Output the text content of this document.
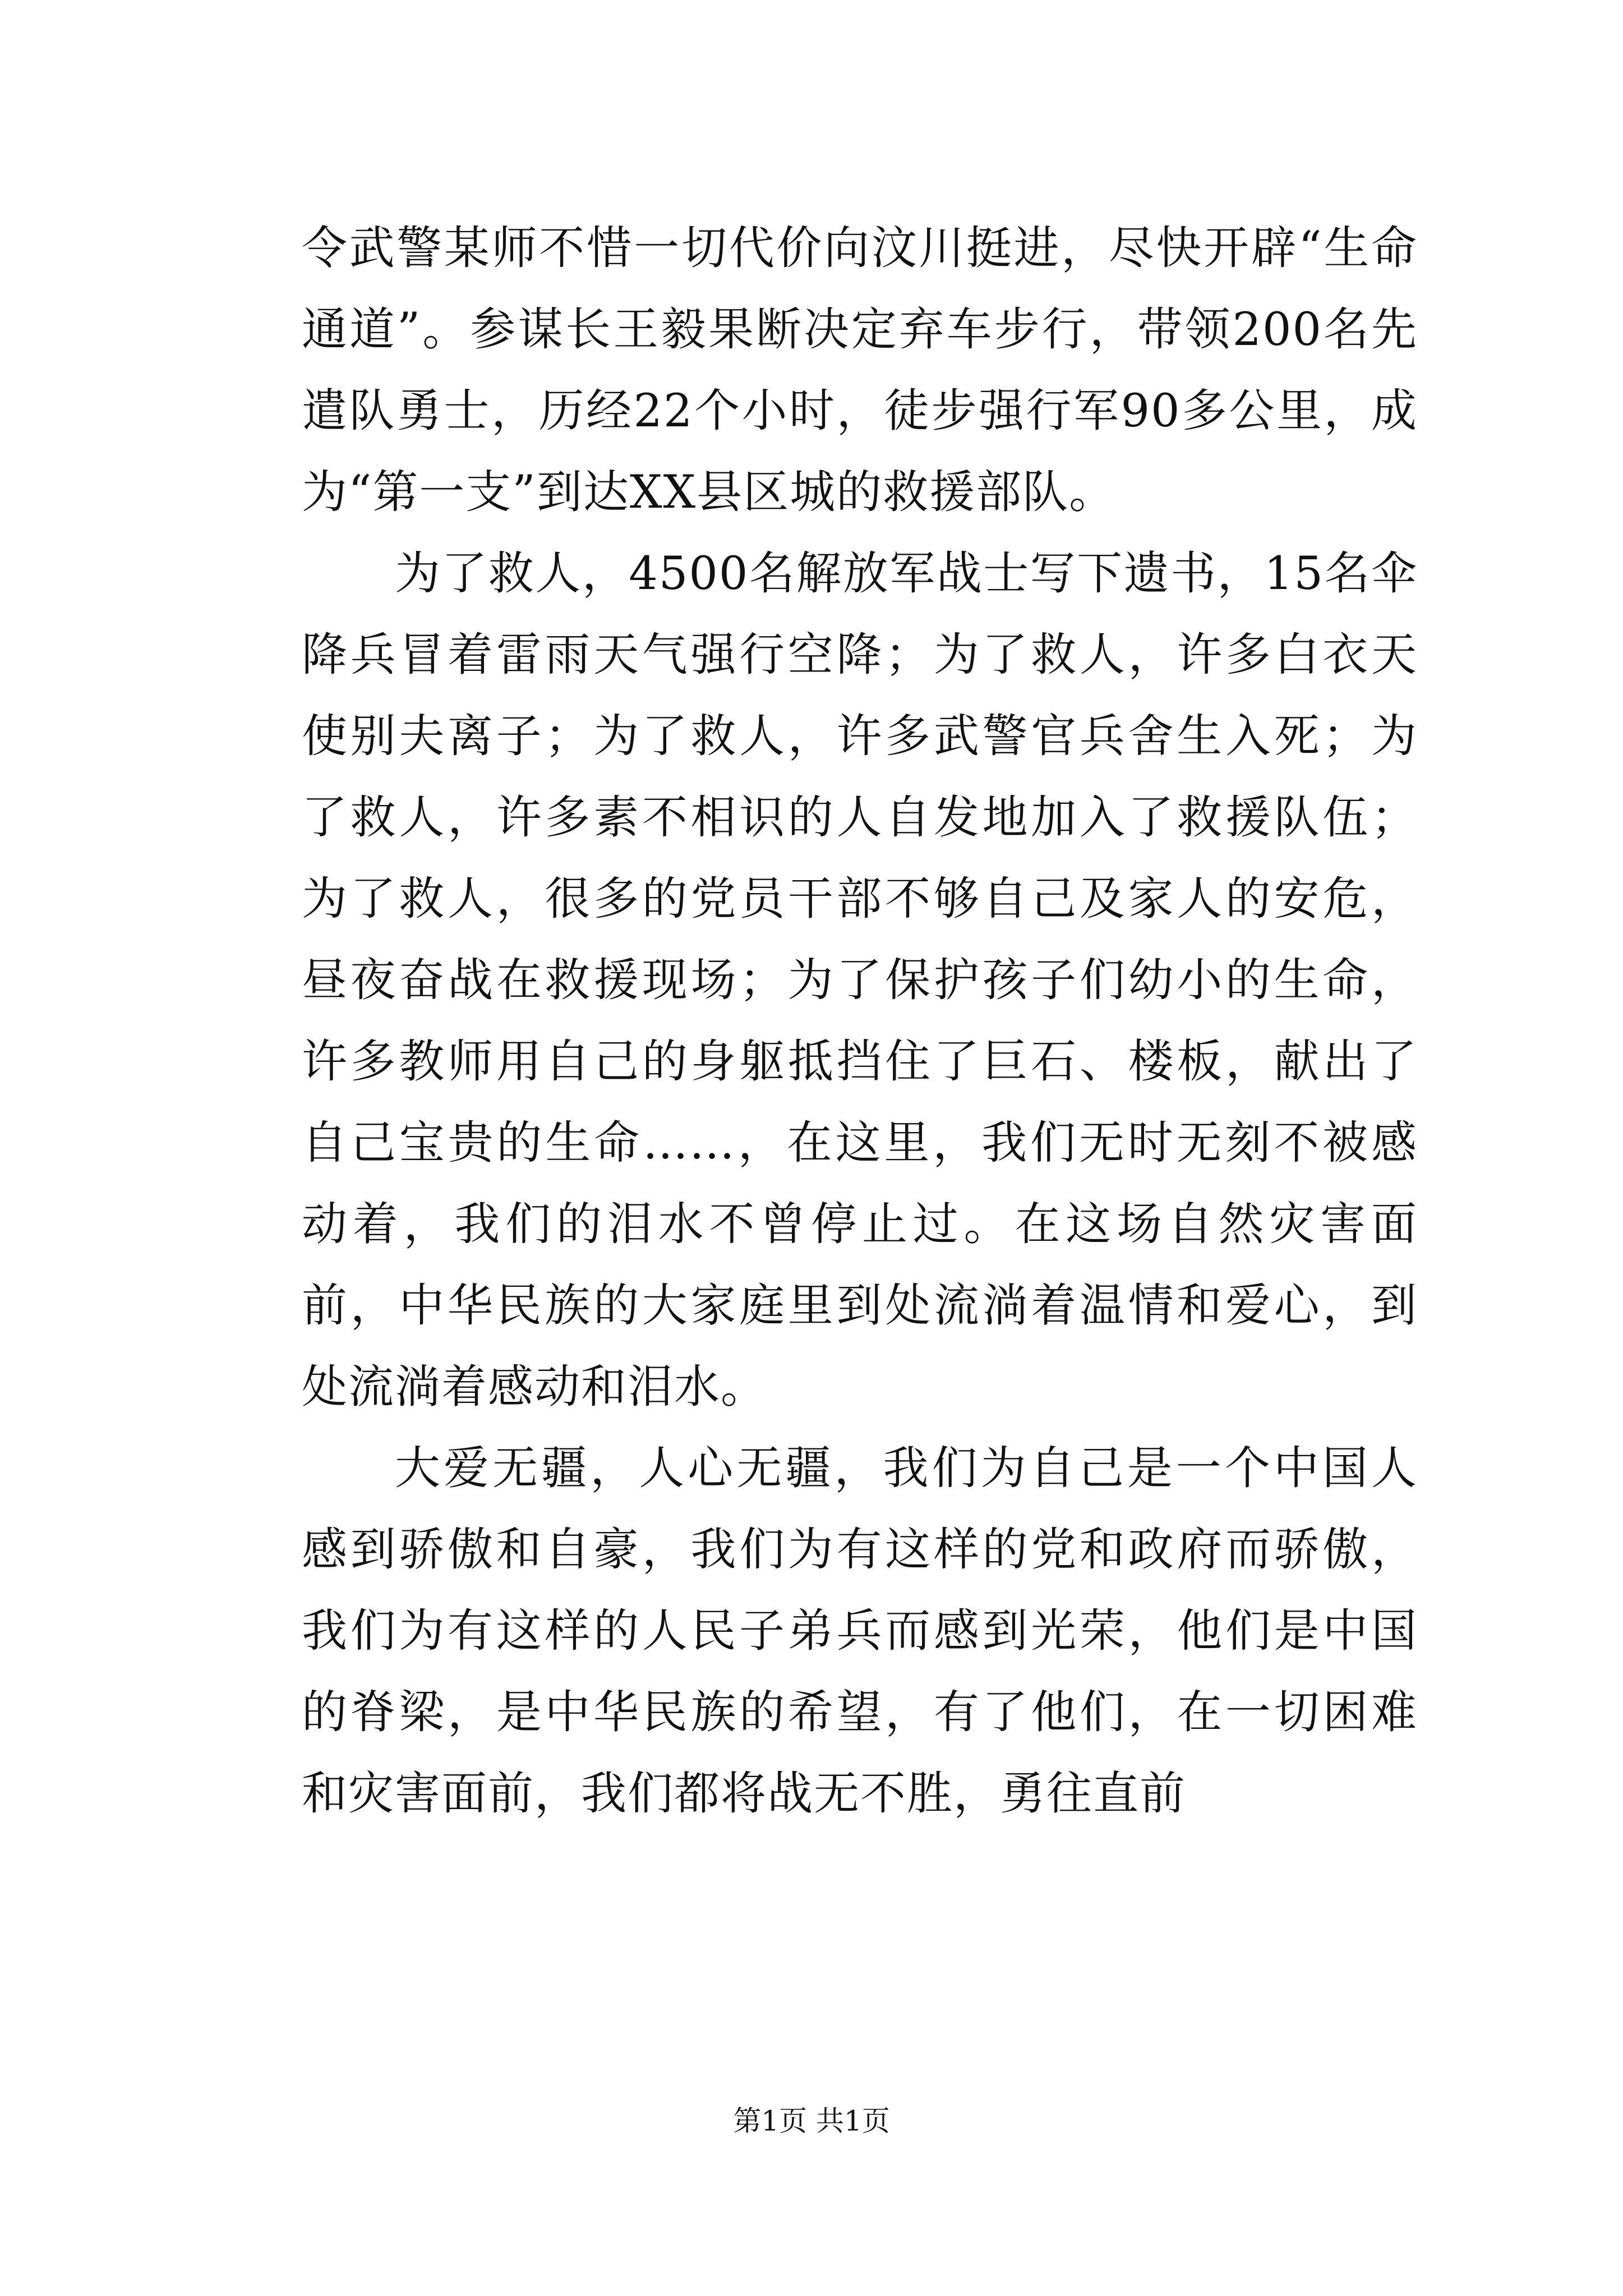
令武警某师不惜一切代价向汶川挺进，尽快开辟“生命通道”。参谋长王毅果断决定弃车步行，带领200名先遣队勇士，历经22个小时，徒步强行军90多公里，成为“第一支”到达XX县区城的救援部队。

为了救人，4500名解放军战士写下遗书，15名伞降兵冒着雷雨天气强行空降；为了救人，许多白衣天使别夫离子；为了救人，许多武警官兵舍生入死；为了救人，许多素不相识的人自发地加入了救援队伍；为了救人，很多的党员干部不够自己及家人的安危，昼夜奋战在救援现场；为了保护孩子们幼小的生命，许多教师用自己的身躯抵挡住了巨石、楼板，献出了自己宝贵的生命……，在这里，我们无时无刻不被感动着，我们的泪水不曾停止过。在这场自然灾害面前，中华民族的大家庭里到处流淌着温情和爱心，到处流淌着感动和泪水。

大爱无疆，人心无疆，我们为自己是一个中国人感到骄傲和自豪，我们为有这样的党和政府而骄傲，我们为有这样的人民子弟兵而感到光荣，他们是中国的脊梁，是中华民族的希望，有了他们，在一切困难和灾害面前，我们都将战无不胜，勇往直前

第1页 共1页
